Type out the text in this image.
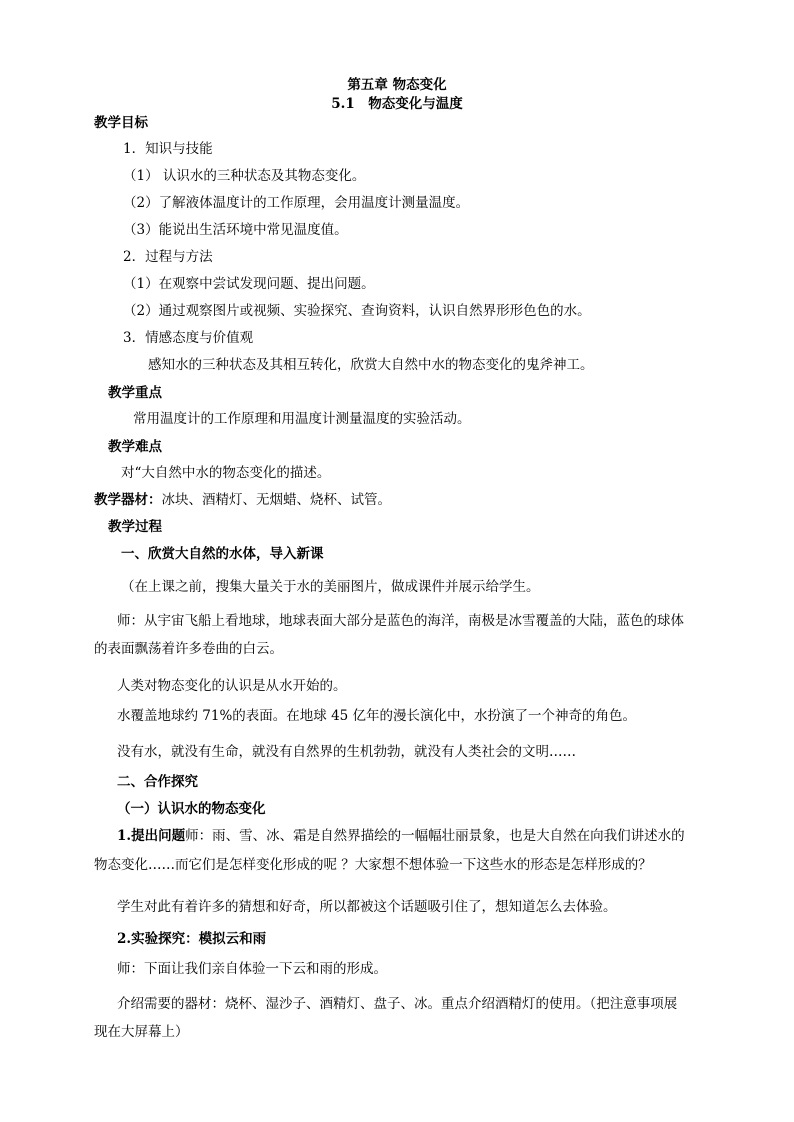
第五章 物态变化
5.1　物态变化与温度
教学目标
1．知识与技能
（1） 认识水的三种状态及其物态变化。
（2）了解液体温度计的工作原理，会用温度计测量温度。
（3）能说出生活环境中常见温度值。
2．过程与方法
（1）在观察中尝试发现问题、提出问题。
（2）通过观察图片或视频、实验探究、查询资料，认识自然界形形色色的水。
3．情感态度与价值观
感知水的三种状态及其相互转化，欣赏大自然中水的物态变化的鬼斧神工。
教学重点
常用温度计的工作原理和用温度计测量温度的实验活动。
教学难点
对“大自然中水的物态变化的描述。
教学器材：冰块、酒精灯、无烟蜡、烧杯、试管。
教学过程
一、欣赏大自然的水体，导入新课
（在上课之前，搜集大量关于水的美丽图片，做成课件并展示给学生。
师：从宇宙飞船上看地球，地球表面大部分是蓝色的海洋，南极是冰雪覆盖的大陆，蓝色的球体
的表面飘荡着许多卷曲的白云。
人类对物态变化的认识是从水开始的。
水覆盖地球约 71%的表面。在地球 45 亿年的漫长演化中，水扮演了一个神奇的角色。
没有水，就没有生命，就没有自然界的生机勃勃，就没有人类社会的文明……
二、合作探究
（一）认识水的物态变化
1.提出问题师：雨、雪、冰、霜是自然界描绘的一幅幅壮丽景象，也是大自然在向我们讲述水的
物态变化……而它们是怎样变化形成的呢 ？大家想不想体验一下这些水的形态是怎样形成的？
学生对此有着许多的猜想和好奇，所以都被这个话题吸引住了，想知道怎么去体验。
2.实验探究：模拟云和雨
师：下面让我们亲自体验一下云和雨的形成。
介绍需要的器材：烧杯、湿沙子、酒精灯、盘子、冰。重点介绍酒精灯的使用。（把注意事项展
现在大屏幕上）
